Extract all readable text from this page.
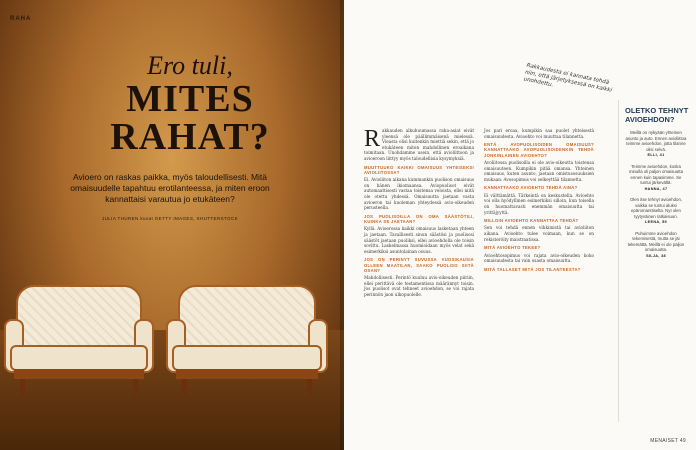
RAHA
Ero tuli,
MITES
RAHAT?
Avioero on raskas paikka, myös taloudellisesti. Mitä omaisuudelle tapahtuu erotilanteessa, ja miten eroon kannattaisi varautua jo etukäteen?
JULIA THUREN kuvat GETTY IMAGES, SHUTTERSTOCK
Rakkaudesta ei kannata tehdä niin, että järjetyksessä on kaikki unohdettu.

Rakkauden alkuhuumassa raha-asiat eivät yleensä ole päällimmäisenä mielessä. Vieasta olisi kuitenkin miettiä sekin, että jo etukäteen miten mahdollinen eroaikana toimitaan. Unohdamme usein, että avioliittoon ja avioeroon liittyy myös taloudellisia kysymyksiä.

MUUTTUUKO KAIKKI OMAISUUS YHTEISEKSI AVIOLIITOSSA?

Ei. Avioliiton aikana kummankin puolison omaisuus on hänen ikiomaansa. Aviopuolisot eivät automaattisesti vastaa toistensa veloista, ellei niitä ole otettu yhdessä. Omaisuutta jaetaan vasta avioeron tai kuoleman yhteydessä avio-oikeuden perusteella.

JOS PUOLISOILLA ON OMA SÄÄSTÖTILI, KUINKA SE JAETAAN?

Kyllä. Avioerossa kaikki omaisuus lasketaan yhteen ja jaetaan. Tavallisesti sinun säästösi ja puolisosi säästöt jaetaan puoliksi, ellei avioehdolla ole toisin sovittu. Laskelmassa huomioidaan myös velat sekä esimerkiksi asuntolainan osuus.

JOS ON PERINYT SUVUSSA VUOSIKAUSIA OLLEEN MAATILAN, SAAKO PUOLISO SIITÄ OSAN?

Mahdollisesti. Perintö kuuluu avio-oikeuden piiriin, ellei perittävä ole testamentissa määrännyt toisin. Jos puolisot ovat tehneet avioehdon, se voi rajata perinnön jaon ulkopuolelle.

Jos pari eroaa, kumpikin saa puolet yhteisestä omaisuudesta. Avioehto voi muuttaa tilannetta.

ENTÄ AVOPUOLISOIDEN OMAISUUS? KANNATTAAKO AVOPUOLISOIDENKIN TEHDÄ JONKINLAINEN AVIOEHTO?

Avoliitossa puolisoilla ei ole avio-oikeutta toistensa omaisuuteen. Kumpikin pitää omansa. Yhteinen omaisuus, kuten asunto, jaetaan omistusosuuksien mukaan. Avosopimus voi selkeyttää tilannetta.

KANNATTAAKO AVIOEHTO TEHDÄ AINA?

Ei välttämättä. Tärkeintä on keskustella. Avioehto voi olla hyödyllinen esimerkiksi silloin, kun toisella on huomattavasti enemmän omaisuutta tai yrittäjyyttä.

MILLOIN AVIOEHTO KANNATTAA TEHDÄ?

Sen voi tehdä ennen vihkimistä tai avioliiton aikana. Avioehto tulee voimaan, kun se on rekisteröity maistraatissa.

MITÄ AVIOEHTO TEKEE?

Avioehtosopimus voi rajata avio-oikeuden koko omaisuudesta tai vain osasta omaisuutta.

MITÄ TALLASET MITÄ JOS TILANTEESTA?
OLETKO TEHNYT AVIOEHDON?
Meillä on nykyään yhteinen asunto ja auto. Ennen avioliittoa teimme avioehdon, jotta tilanne olisi selvä.
ELLI, 41
Teimme avioehdon, koska minulla oli paljon omaisuutta ennen kuin tapasimme. Se tuntui järkevältä.
HANNA, 47
Olen itse tehnyt avioehdon, vaikka se tuntui aluksi epäromanttiselta. Nyt olen tyytyväinen ratkaisuun.
LEENA, 55
Puhuimme avioehdon tekemisestä, mutta se jäi tekemättä. Meillä ei ole paljon omaisuutta.
SILJA, 38
MENAISET 49
